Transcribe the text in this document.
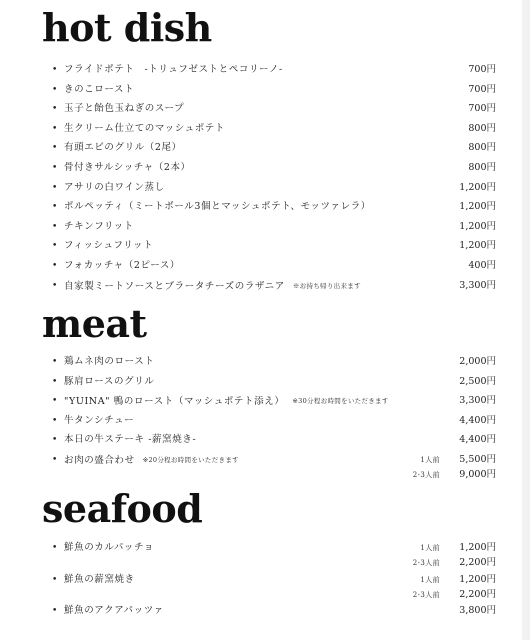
hot dish
• フライドポテト　-トリュフゼストとペコリーノ-	700円
• きのこロースト	700円
• 玉子と飴色玉ねぎのスープ	700円
• 生クリーム仕立てのマッシュポテト	800円
• 有頭エビのグリル（2尾）	800円
• 骨付きサルシッチャ（2本）	800円
• アサリの白ワイン蒸し	1,200円
• ポルペッティ（ミートボール3個とマッシュポテト、モッツァレラ）	1,200円
• チキンフリット	1,200円
• フィッシュフリット	1,200円
• フォカッチャ（2ピース）	400円
• 自家製ミートソースとブラータチーズのラザニア ※お持ち帰り出来ます	3,300円
meat
• 鶏ムネ肉のロースト	2,000円
• 豚肩ロースのグリル	2,500円
• "YUINA" 鴨のロースト（マッシュポテト添え） ※30分程お時間をいただきます	3,300円
• 牛タンシチュー	4,400円
• 本日の牛ステーキ -薪窯焼き-	4,400円
• お肉の盛合わせ ※20分程お時間をいただきます	1人前 5,500円
2-3人前 9,000円
seafood
• 鮮魚のカルパッチョ	1人前 1,200円
2-3人前 2,200円
• 鮮魚の薪窯焼き	1人前 1,200円
2-3人前 2,200円
• 鮮魚のアクアパッツァ	3,800円
